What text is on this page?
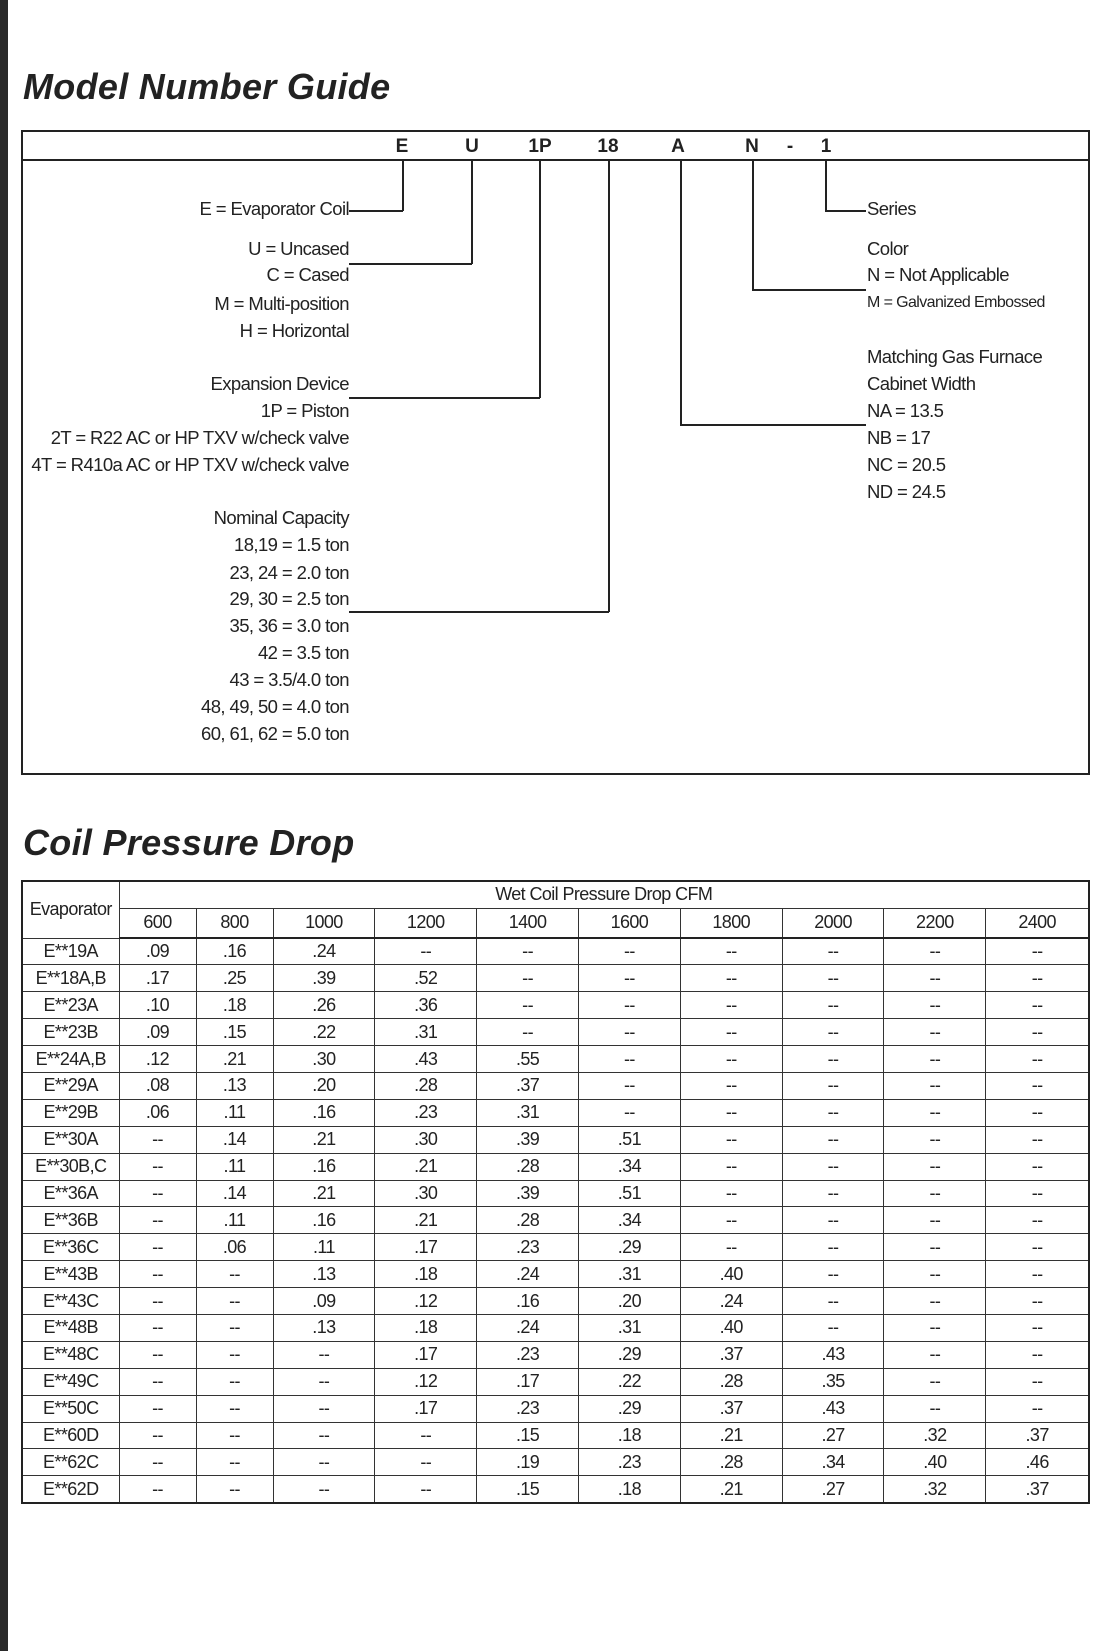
Model Number Guide
E	U	1P 18	A	N - 1
E = Evaporator Coil
U = Uncased
C = Cased
M = Multi-position
H = Horizontal
Expansion Device
1P = Piston
2T = R22 AC or HP TXV w/check valve
4T = R410a AC or HP TXV w/check valve
Nominal Capacity
18,19 = 1.5 ton
23, 24 = 2.0 ton
29, 30 = 2.5 ton
35, 36 = 3.0 ton
42 = 3.5 ton
43 = 3.5/4.0 ton
48, 49, 50 = 4.0 ton
60, 61, 62 = 5.0 ton
Series
Color
N = Not Applicable
M = Galvanized Embossed
Matching Gas Furnace
Cabinet Width
NA = 13.5
NB = 17
NC = 20.5
ND = 24.5
Coil Pressure Drop
Evaporator	Wet Coil Pressure Drop CFM									
	600	800	1000	1200	1400	1600	1800	2000	2200	2400
E**19A	.09	.16	.24	--	--	--	--	--	--	--
E**18A,B	.17	.25	.39	.52	--	--	--	--	--	--
E**23A	.10	.18	.26	.36	--	--	--	--	--	--
E**23B	.09	.15	.22	.31	--	--	--	--	--	--
E**24A,B	.12	.21	.30	.43	.55	--	--	--	--	--
E**29A	.08	.13	.20	.28	.37	--	--	--	--	--
E**29B	.06	.11	.16	.23	.31	--	--	--	--	--
E**30A	--	.14	.21	.30	.39	.51	--	--	--	--
E**30B,C	--	.11	.16	.21	.28	.34	--	--	--	--
E**36A	--	.14	.21	.30	.39	.51	--	--	--	--
E**36B	--	.11	.16	.21	.28	.34	--	--	--	--
E**36C	--	.06	.11	.17	.23	.29	--	--	--	--
E**43B	--	--	.13	.18	.24	.31	.40	--	--	--
E**43C	--	--	.09	.12	.16	.20	.24	--	--	--
E**48B	--	--	.13	.18	.24	.31	.40	--	--	--
E**48C	--	--	--	.17	.23	.29	.37	.43	--	--
E**49C	--	--	--	.12	.17	.22	.28	.35	--	--
E**50C	--	--	--	.17	.23	.29	.37	.43	--	--
E**60D	--	--	--	--	.15	.18	.21	.27	.32	.37
E**62C	--	--	--	--	.19	.23	.28	.34	.40	.46
E**62D	--	--	--	--	.15	.18	.21	.27	.32	.37
